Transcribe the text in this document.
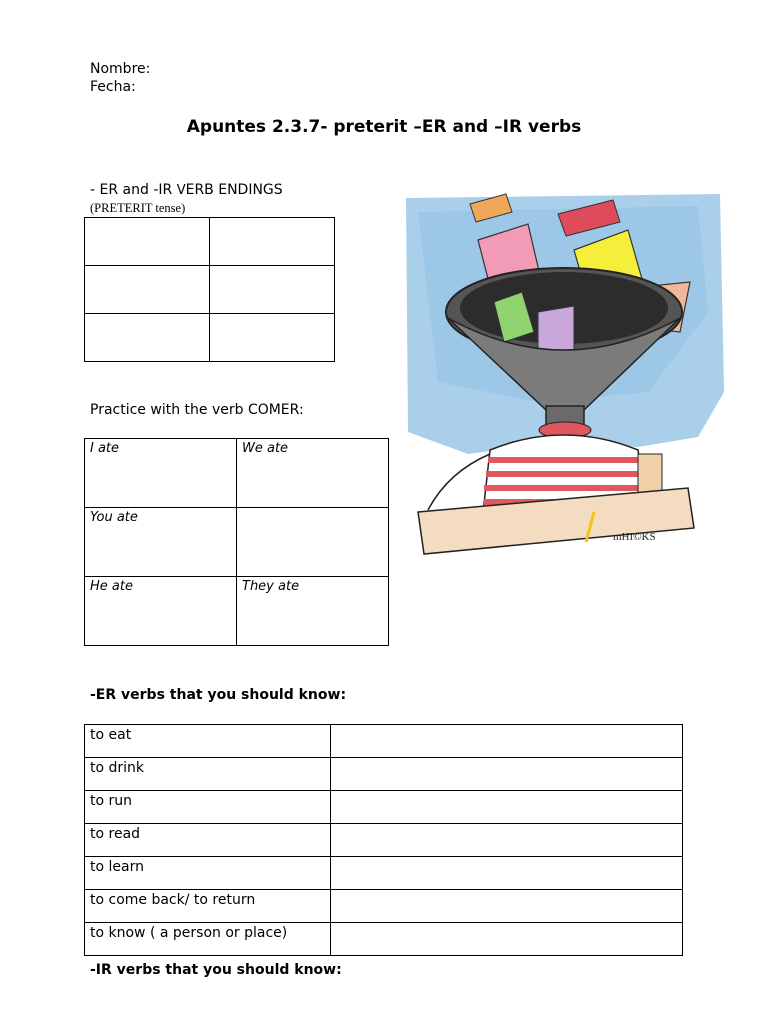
Nombre:
Fecha:
Apuntes 2.3.7- preterit –ER and –IR verbs
- ER and -IR VERB ENDINGS
(PRETERIT tense)

Practice with the verb COMER:
I ate	We ate
You ate	
He ate	They ate
-ER verbs that you should know:
to eat	
to drink	
to run	
to read	
to learn	
to come back/ to return	
to know ( a person or place)	
-IR verbs that you should know:
mHI©KS
